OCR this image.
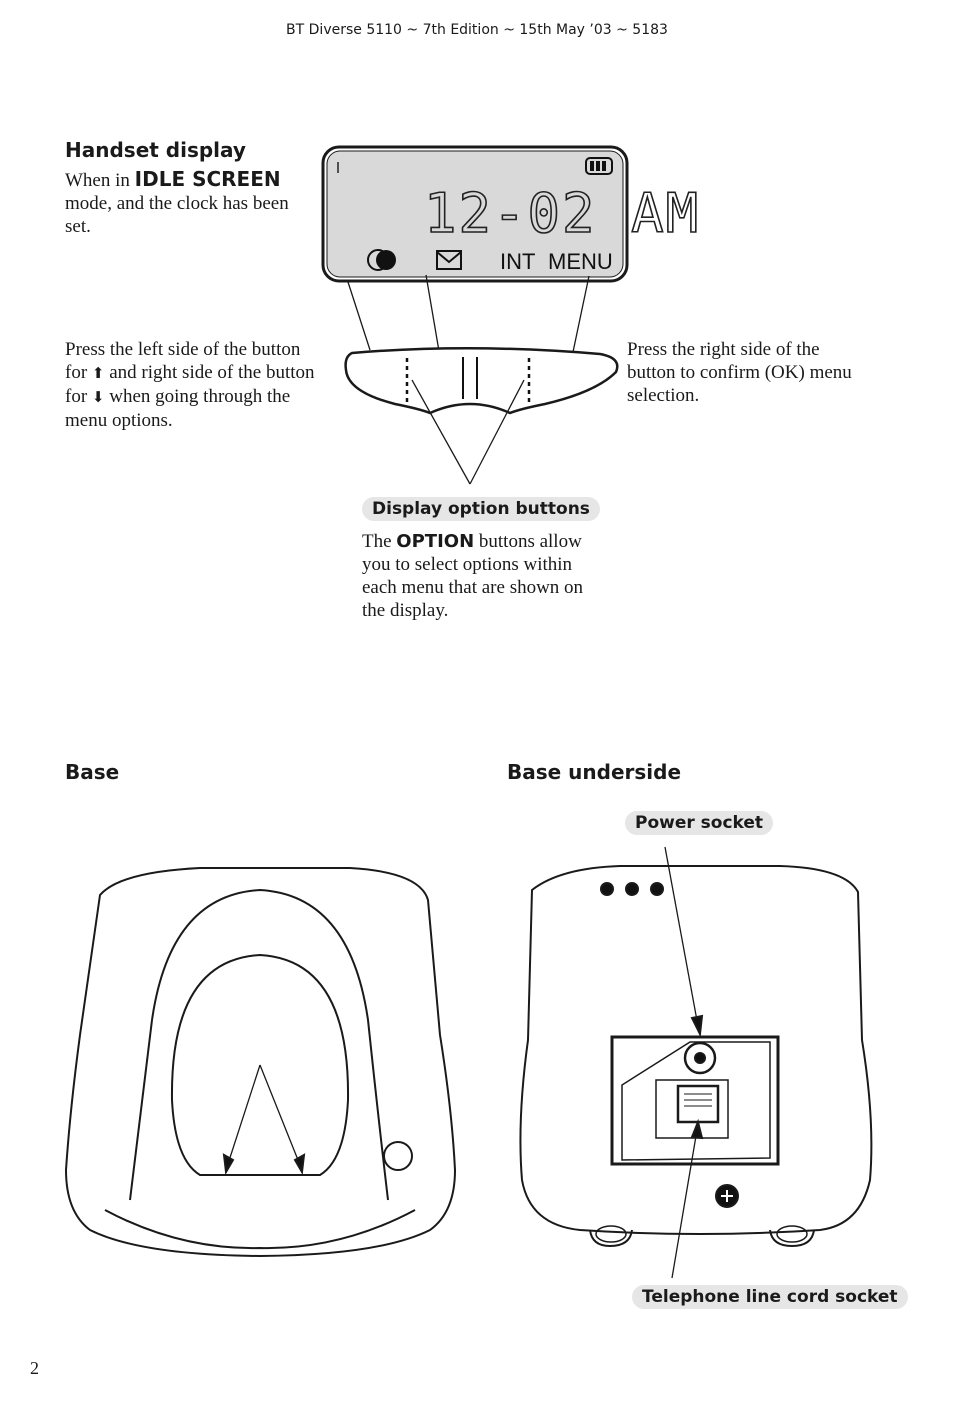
BT Diverse 5110 ~ 7th Edition ~ 15th May ’03 ~ 5183
Handset display
When in IDLE SCREEN mode, and the clock has been set.
Press the left side of the button for ⬆ and right side of the button for ⬇ when going through the menu options.
Press the right side of the button to confirm (OK) menu selection.
Display option buttons
The OPTION buttons allow you to select options within each menu that are shown on the display.
Base	Base underside
Power socket
Telephone line cord socket
2
12-02 AM
INT MENU
